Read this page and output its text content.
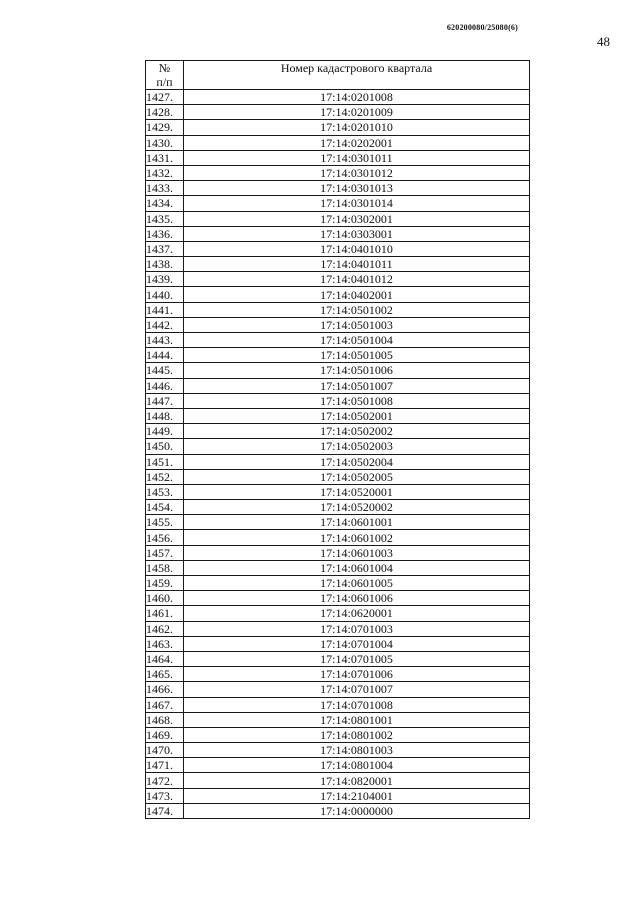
620200080/25080(6)
48
№
п/п	Номер кадастрового квартала
1427.	17:14:0201008
1428.	17:14:0201009
1429.	17:14:0201010
1430.	17:14:0202001
1431.	17:14:0301011
1432.	17:14:0301012
1433.	17:14:0301013
1434.	17:14:0301014
1435.	17:14:0302001
1436.	17:14:0303001
1437.	17:14:0401010
1438.	17:14:0401011
1439.	17:14:0401012
1440.	17:14:0402001
1441.	17:14:0501002
1442.	17:14:0501003
1443.	17:14:0501004
1444.	17:14:0501005
1445.	17:14:0501006
1446.	17:14:0501007
1447.	17:14:0501008
1448.	17:14:0502001
1449.	17:14:0502002
1450.	17:14:0502003
1451.	17:14:0502004
1452.	17:14:0502005
1453.	17:14:0520001
1454.	17:14:0520002
1455.	17:14:0601001
1456.	17:14:0601002
1457.	17:14:0601003
1458.	17:14:0601004
1459.	17:14:0601005
1460.	17:14:0601006
1461.	17:14:0620001
1462.	17:14:0701003
1463.	17:14:0701004
1464.	17:14:0701005
1465.	17:14:0701006
1466.	17:14:0701007
1467.	17:14:0701008
1468.	17:14:0801001
1469.	17:14:0801002
1470.	17:14:0801003
1471.	17:14:0801004
1472.	17:14:0820001
1473.	17:14:2104001
1474.	17:14:0000000
